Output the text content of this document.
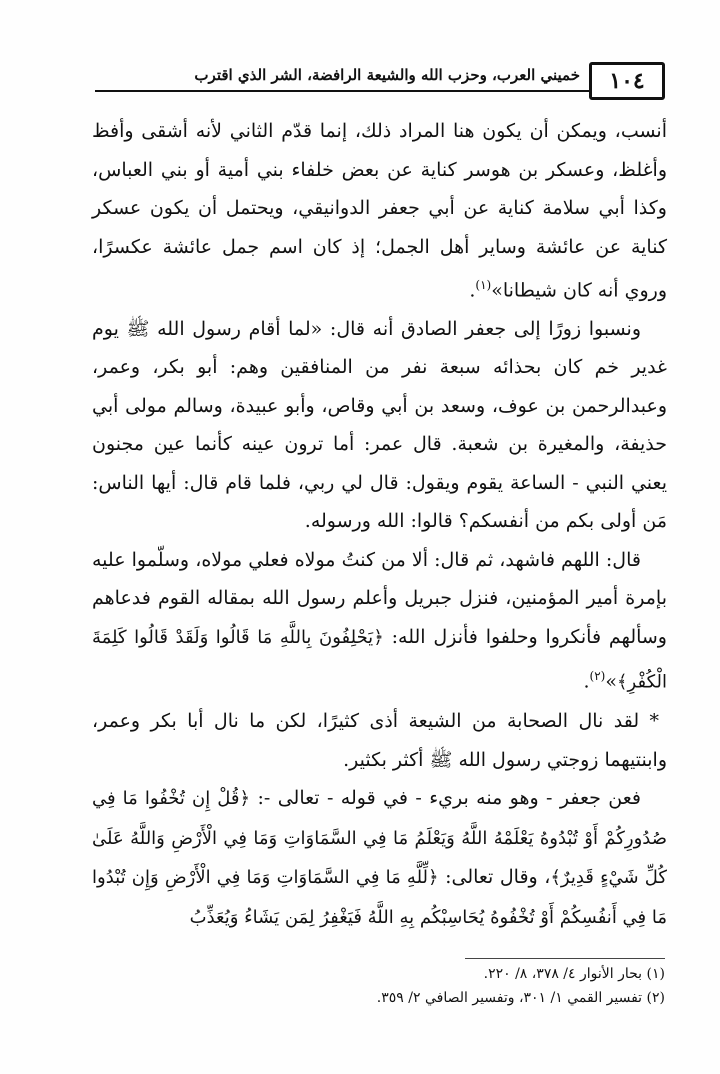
خميني العرب، وحزب الله والشيعة الرافضة، الشر الذي اقترب ١٠٤

أنسب، ويمكن أن يكون هنا المراد ذلك، إنما قدّم الثاني لأنه أشقى وأفظ وأغلظ، وعسكر بن هوسر كناية عن بعض خلفاء بني أمية أو بني العباس، وكذا أبي سلامة كناية عن أبي جعفر الدوانيقي، ويحتمل أن يكون عسكر كناية عن عائشة وساير أهل الجمل؛ إذ كان اسم جمل عائشة عكسرًا، وروي أنه كان شيطانا»$^{(١)}$.

ونسبوا زورًا إلى جعفر الصادق أنه قال: «لما أقام رسول الله ﷺ يوم غدير خم كان بحذائه سبعة نفر من المنافقين وهم: أبو بكر، وعمر، وعبدالرحمن بن عوف، وسعد بن أبي وقاص، وأبو عبيدة، وسالم مولى أبي حذيفة، والمغيرة بن شعبة. قال عمر: أما ترون عينه كأنما عين مجنون يعني النبي - الساعة يقوم ويقول: قال لي ربي، فلما قام قال: أيها الناس: مَن أولى بكم من أنفسكم؟ قالوا: الله ورسوله.

قال: اللهم فاشهد، ثم قال: ألا من كنتُ مولاه فعلي مولاه، وسلّموا عليه بإمرة أمير المؤمنين، فنزل جبريل وأعلم رسول الله بمقاله القوم فدعاهم وسألهم فأنكروا وحلفوا فأنزل الله: ﴿يَحْلِفُونَ بِاللَّهِ مَا قَالُوا وَلَقَدْ قَالُوا كَلِمَةَ الْكُفْرِ﴾»$^{(٢)}$.

* لقد نال الصحابة من الشيعة أذى كثيرًا، لكن ما نال أبا بكر وعمر، وابنتيهما زوجتي رسول الله ﷺ أكثر بكثير.

فعن جعفر - وهو منه بريء - في قوله - تعالى -: ﴿قُلْ إِن تُخْفُوا مَا فِي صُدُورِكُمْ أَوْ تُبْدُوهُ يَعْلَمْهُ اللَّهُ وَيَعْلَمُ مَا فِي السَّمَاوَاتِ وَمَا فِي الْأَرْضِ وَاللَّهُ عَلَىٰ كُلِّ شَيْءٍ قَدِيرٌ﴾، وقال تعالى: ﴿لِّلَّهِ مَا فِي السَّمَاوَاتِ وَمَا فِي الْأَرْضِ وَإِن تُبْدُوا مَا فِي أَنفُسِكُمْ أَوْ تُخْفُوهُ يُحَاسِبْكُم بِهِ اللَّهُ فَيَغْفِرُ لِمَن يَشَاءُ وَيُعَذِّبُ

(١) بحار الأنوار ٤/ ٣٧٨، ٨/ ٢٢٠.

(٢) تفسير القمي ١/ ٣٠١، وتفسير الصافي ٢/ ٣٥٩.
